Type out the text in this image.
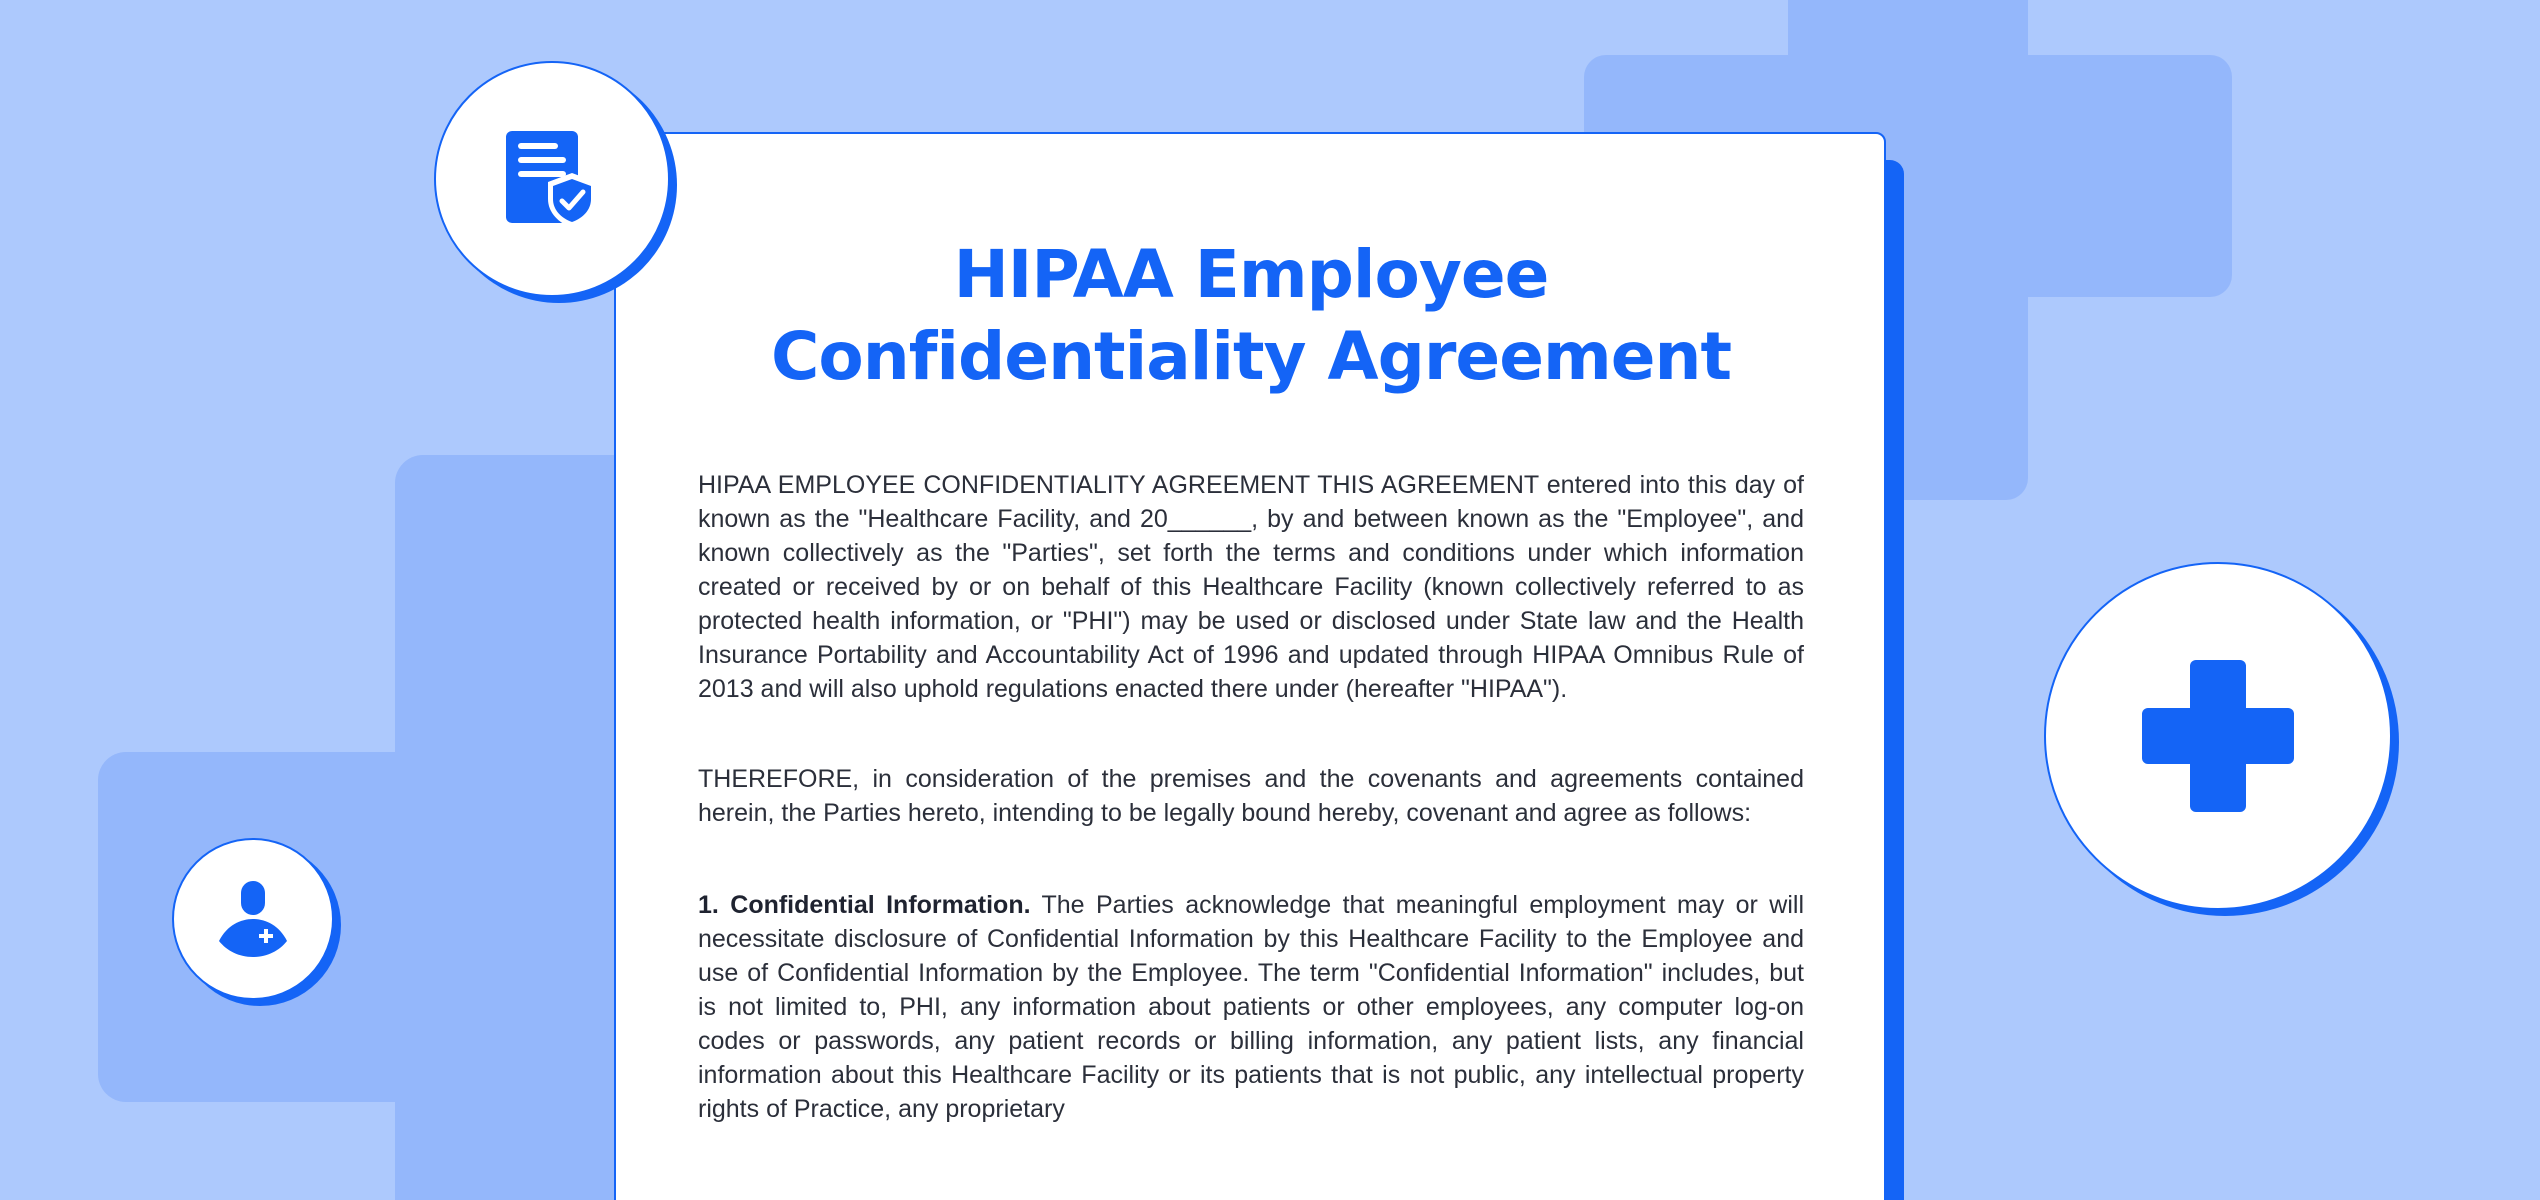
HIPAA Employee
Confidentiality Agreement

HIPAA EMPLOYEE CONFIDENTIALITY AGREEMENT THIS AGREEMENT entered into this day of known as the "Healthcare Facility, and 20______, by and between known as the "Employee", and known collectively as the "Parties", set forth the terms and conditions under which information created or received by or on behalf of this Healthcare Facility (known collectively referred to as protected health information, or "PHI") may be used or disclosed under State law and the Health Insurance Portability and Accountability Act of 1996 and updated through HIPAA Omnibus Rule of 2013 and will also uphold regulations enacted there under (hereafter "HIPAA").

THEREFORE, in consideration of the premises and the covenants and agreements contained herein, the Parties hereto, intending to be legally bound hereby, covenant and agree as follows:

1. Confidential Information. The Parties acknowledge that meaningful employment may or will necessitate disclosure of Confidential Information by this Healthcare Facility to the Employee and use of Confidential Information by the Employee. The term "Confidential Information" includes, but is not limited to, PHI, any information about patients or other employees, any computer log-on codes or passwords, any patient records or billing information, any patient lists, any financial information about this Healthcare Facility or its patients that is not public, any intellectual property rights of Practice, any proprietary
